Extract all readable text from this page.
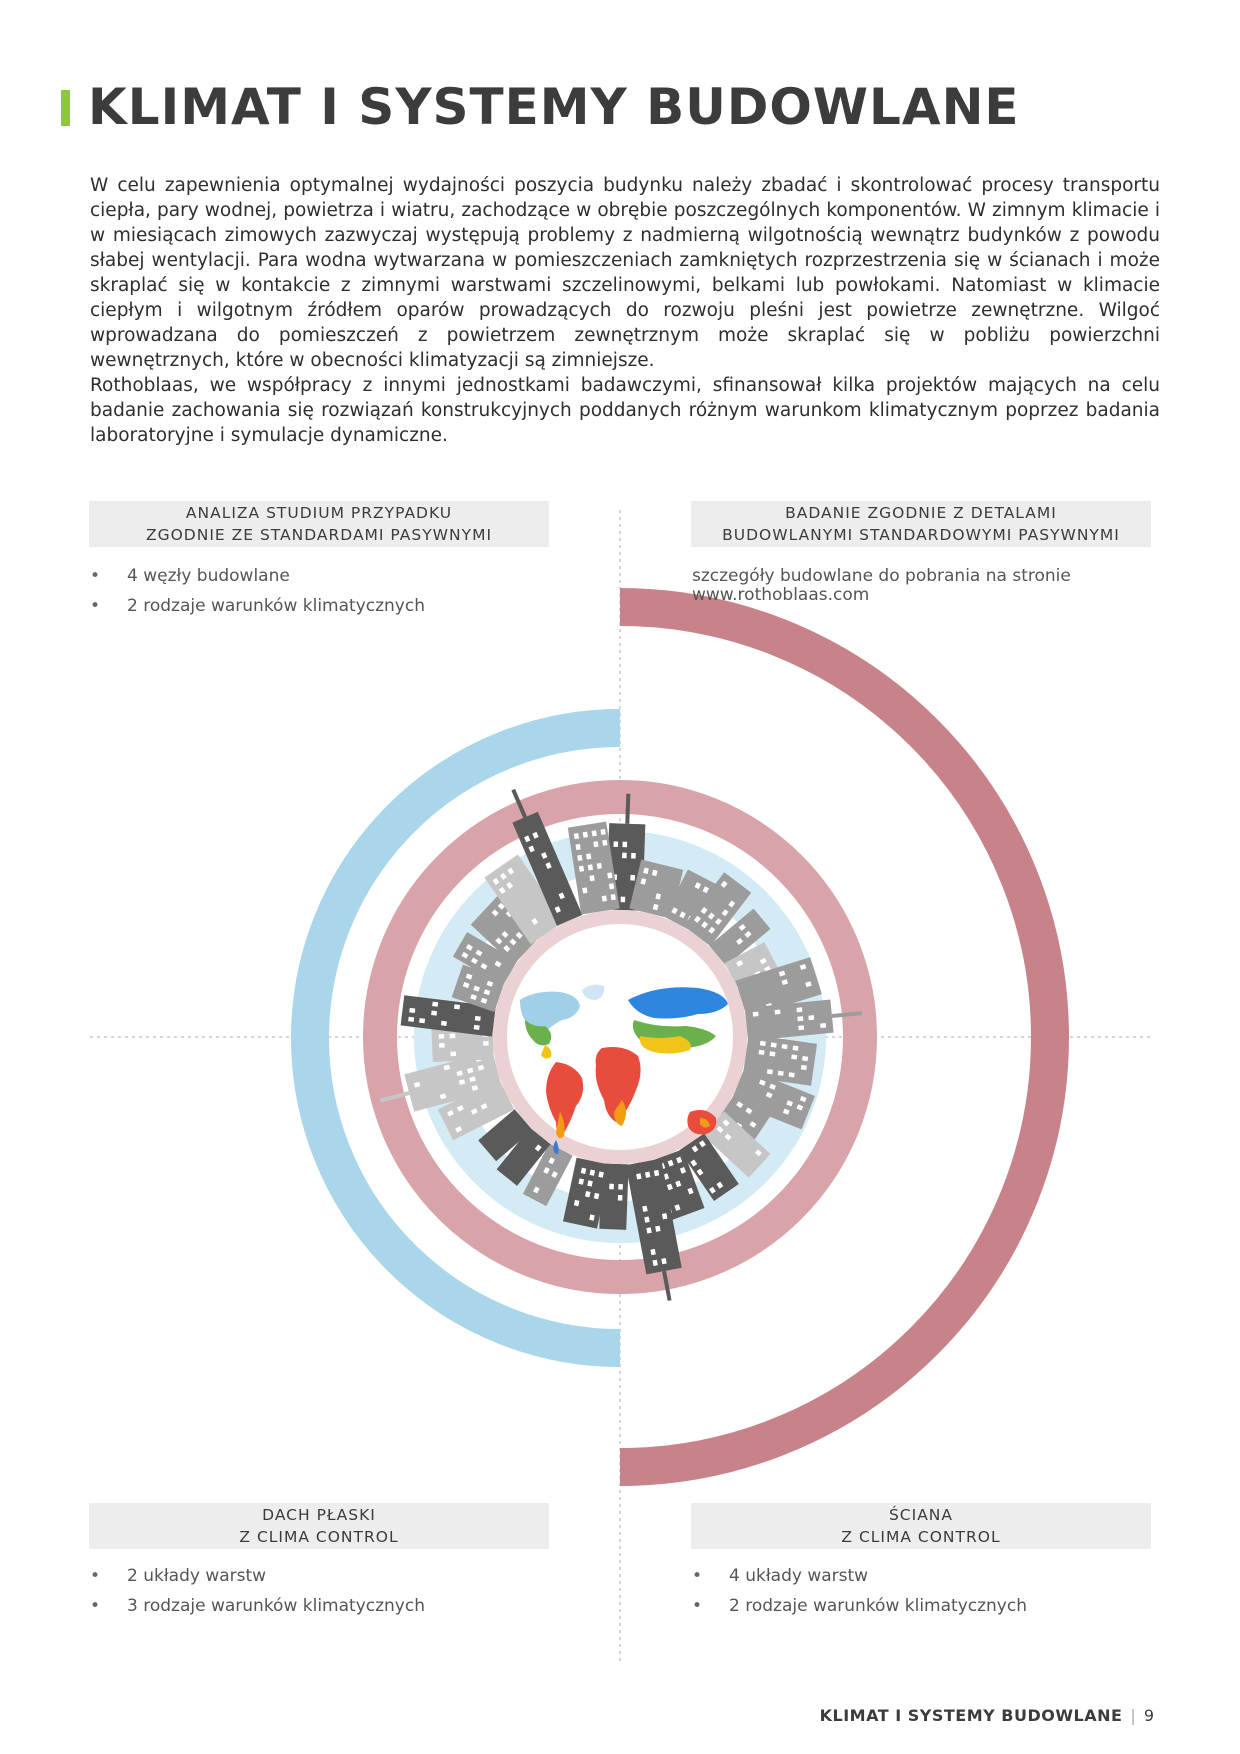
KLIMAT I SYSTEMY BUDOWLANE

W celu zapewnienia optymalnej wydajności poszycia budynku należy zbadać i skontrolować procesy transportu ciepła, pary wodnej, powietrza i wiatru, zachodzące w obrębie poszczególnych komponentów. W zimnym klimacie i w miesiącach zimowych zazwyczaj występują problemy z nadmierną wilgotnością wewnątrz budynków z powodu słabej wentylacji. Para wodna wytwarzana w pomieszczeniach zamkniętych rozprzestrzenia się w ścianach i może skraplać się w kontakcie z zimnymi warstwami szczelinowymi, belkami lub powłokami. Natomiast w klimacie ciepłym i wilgotnym źródłem oparów prowadzących do rozwoju pleśni jest powietrze zewnętrzne. Wilgoć wprowadzana do pomieszczeń z powietrzem zewnętrznym może skraplać się w pobliżu powierzchni wewnętrznych, które w obecności klimatyzacji są zimniejsze.

Rothoblaas, we współpracy z innymi jednostkami badawczymi, sfinansował kilka projektów mających na celu badanie zachowania się rozwiązań konstrukcyjnych poddanych różnym warunkom klimatycznym poprzez badania laboratoryjne i symulacje dynamiczne.

ANALIZA STUDIUM PRZYPADKU
ZGODNIE ZE STANDARDAMI PASYWNYMI
• 4 węzły budowlane
• 2 rodzaje warunków klimatycznych
BADANIE ZGODNIE Z DETALAMI
BUDOWLANYMI STANDARDOWYMI PASYWNYMI
szczegóły budowlane do pobrania na stronie
www.rothoblaas.com
DACH PŁASKI
Z CLIMA CONTROL
• 2 układy warstw
• 3 rodzaje warunków klimatycznych
ŚCIANA
Z CLIMA CONTROL
• 4 układy warstw
• 2 rodzaje warunków klimatycznych
KLIMAT I SYSTEMY BUDOWLANE | 9
